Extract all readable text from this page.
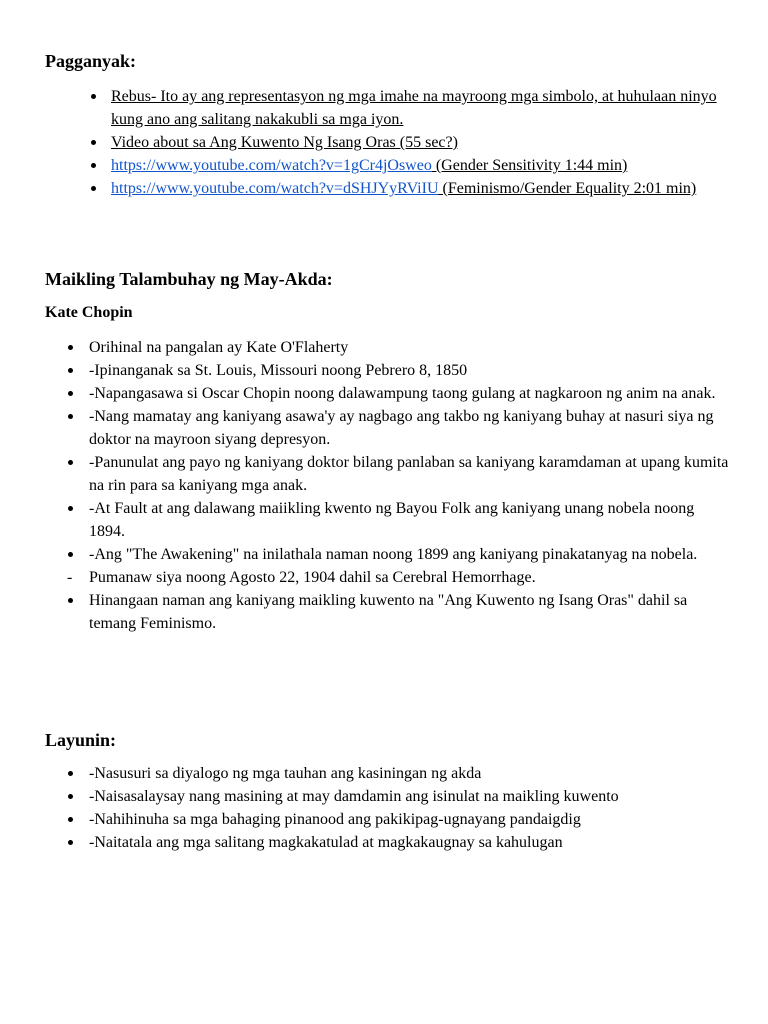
Pagganyak:
Rebus- Ito ay ang representasyon ng mga imahe na mayroong mga simbolo, at huhulaan ninyo kung ano ang salitang nakakubli sa mga iyon.
Video about sa Ang Kuwento Ng Isang Oras (55 sec?)
https://www.youtube.com/watch?v=1gCr4jOsweo (Gender Sensitivity 1:44 min)
https://www.youtube.com/watch?v=dSHJYyRViIU (Feminismo/Gender Equality 2:01 min)
Maikling Talambuhay ng May-Akda:
Kate Chopin
Orihinal na pangalan ay Kate O'Flaherty
-Ipinanganak sa St. Louis, Missouri noong Pebrero 8, 1850
-Napangasawa si Oscar Chopin noong dalawampung taong gulang at nagkaroon ng anim na anak.
-Nang mamatay ang kaniyang asawa'y ay nagbago ang takbo ng kaniyang buhay at nasuri siya ng doktor na mayroon siyang depresyon.
-Panunulat ang payo ng kaniyang doktor bilang panlaban sa kaniyang karamdaman at upang kumita na rin para sa kaniyang mga anak.
-At Fault at ang dalawang maiikling kwento ng Bayou Folk ang kaniyang unang nobela noong 1894.
-Ang "The Awakening" na inilathala naman noong 1899 ang kaniyang pinakatanyag na nobela.
-	Pumanaw siya noong Agosto 22, 1904 dahil sa Cerebral Hemorrhage.
Hinangaan naman ang kaniyang maikling kuwento na "Ang Kuwento ng Isang Oras" dahil sa temang Feminismo.
Layunin:
-Nasusuri sa diyalogo ng mga tauhan ang kasiningan ng akda
-Naisasalaysay nang masining at may damdamin ang isinulat na maikling kuwento
-Nahihinuha sa mga bahaging pinanood ang pakikipag-ugnayang pandaigdig
-Naitatala ang mga salitang magkakatulad at magkakaugnay sa kahulugan
